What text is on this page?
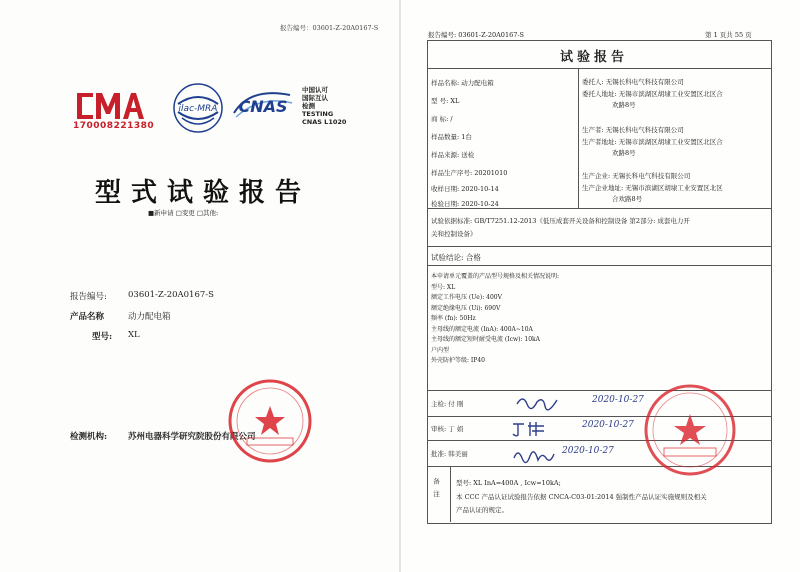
报告编号：03601-Z-20A0167-S
170008221380
ilac-MRA CNAS
中国认可
国际互认
检测
TESTING
CNAS L1020
型式试验报告
■新申请 □变更 □其他:
报告编号: 03601-Z-20A0167-S
产品名称	动力配电箱
型号: XL
检测机构: 苏州电器科学研究院股份有限公司
报告编号: 03601-Z-20A0167-S	第 1 页共 55 页
试验报告
样品名称: 动力配电箱
型 号: XL
商 标: /
样品数量: 1台
样品来源: 送检
样品生产序号: 20201010
收样日期: 2020-10-14
检验日期: 2020-10-24
委托人: 无锡长科电气科技有限公司
委托人地址: 无锡市滨湖区胡埭工业安置区北区合
欢路8号
生产者: 无锡长科电气科技有限公司
生产者地址: 无锡市滨湖区胡埭工业安置区北区合
欢路8号
生产企业: 无锡长科电气科技有限公司
生产企业地址: 无锡市滨湖区胡埭工业安置区北区
合欢路8号
试验依据标准: GB/T7251.12-2013《低压成套开关设备和控制设备 第2部分: 成套电力开
关和控制设备》
试验结论: 合格
本申请单元覆盖的产品型号规格及相关情况说明:
型号: XL
额定工作电压 (Ue): 400V
额定绝缘电压 (Ui): 690V
频率 (fn): 50Hz
主母线的额定电流 (InA): 400A~10A
主母线的额定短时耐受电流 (Icw): 10kA
户内型
外壳防护等级: IP40
主检: 付 刚	2020-10-27
审核: 丁 娟	2020-10-27
批准: 韩美丽	2020-10-27
备注 型号: XL InA=400A , Icw=10kA;
本 CCC 产品认证试验报告依据 CNCA-C03-01:2014 强制性产品认证实施规则及相关
产品认证的规定。
